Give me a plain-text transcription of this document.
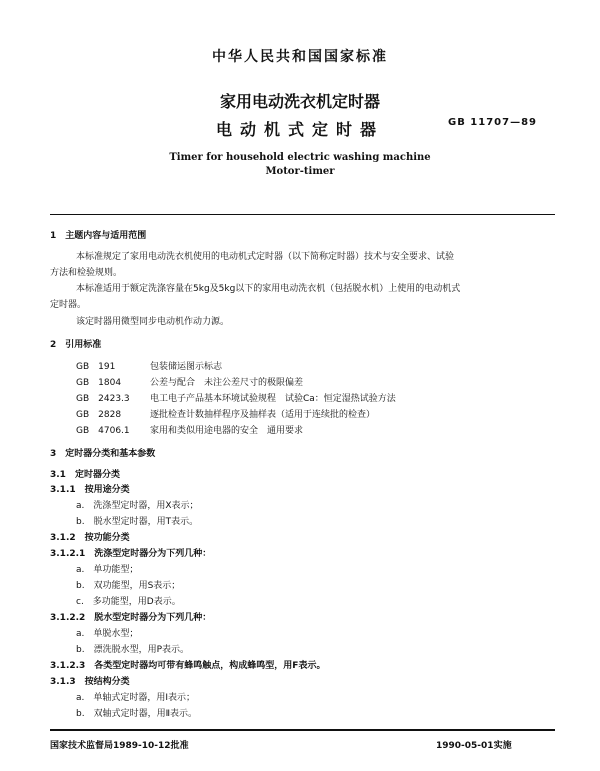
中华人民共和国国家标准
家用电动洗衣机定时器
电动机式定时器	GB 11707—89
Timer for household electric washing machine
Motor-timer
1　主题内容与适用范围
本标准规定了家用电动洗衣机使用的电动机式定时器（以下简称定时器）技术与安全要求、试验
方法和检验规则。
本标准适用于额定洗涤容量在5kg及5kg以下的家用电动洗衣机（包括脱水机）上使用的电动机式
定时器。
该定时器用微型同步电动机作动力源。
2　引用标准
GB　191	包装储运图示标志
GB　1804	公差与配合　未注公差尺寸的极限偏差
GB　2423.3 电工电子产品基本环境试验规程　试验Ca：恒定湿热试验方法
GB　2828	逐批检查计数抽样程序及抽样表（适用于连续批的检查）
GB　4706.1 家用和类似用途电器的安全　通用要求
3　定时器分类和基本参数
3.1　定时器分类
3.1.1　按用途分类
a.　洗涤型定时器，用X表示；
b.　脱水型定时器，用T表示。
3.1.2　按功能分类
3.1.2.1　洗涤型定时器分为下列几种：
a.　单功能型；
b.　双功能型，用S表示；
c.　多功能型，用D表示。
3.1.2.2　脱水型定时器分为下列几种：
a.　单脱水型；
b.　漂洗脱水型，用P表示。
3.1.2.3　各类型定时器均可带有蜂鸣触点，构成蜂鸣型，用F表示。
3.1.3　按结构分类
a.　单轴式定时器，用Ⅰ表示；
b.　双轴式定时器，用Ⅱ表示。
国家技术监督局1989-10-12批准	1990-05-01实施
